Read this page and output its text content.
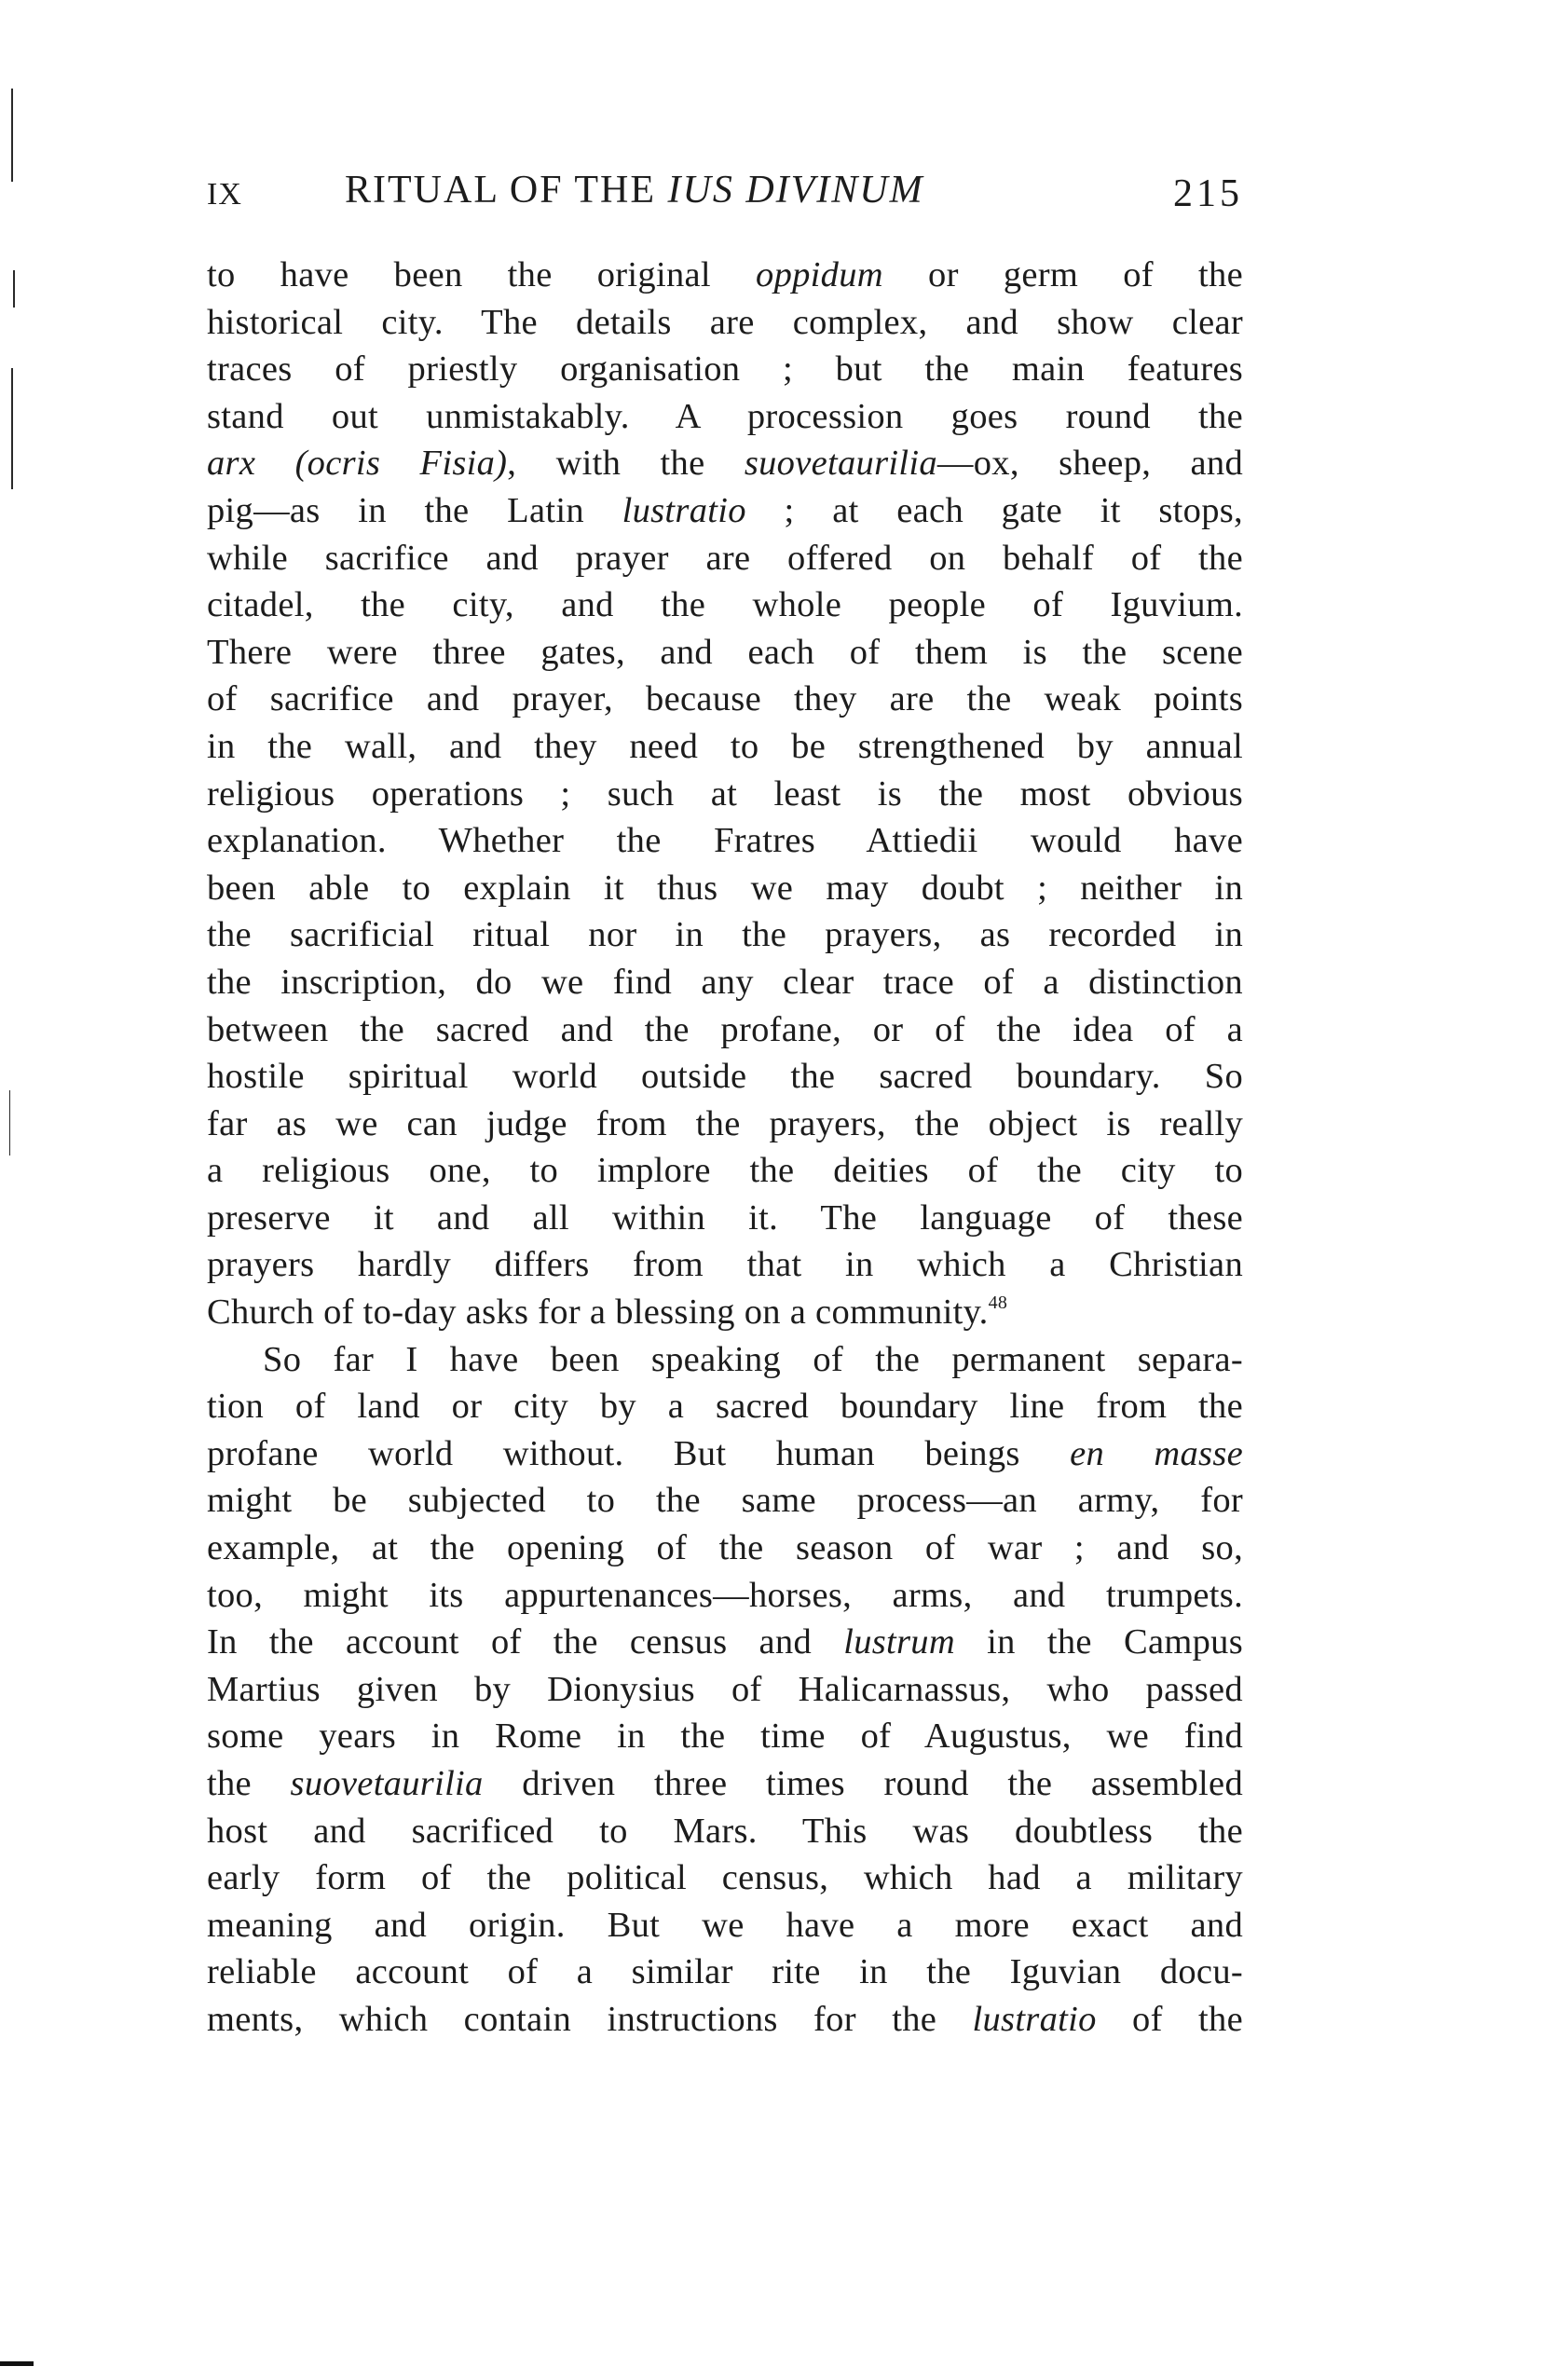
IX	RITUAL OF THE IUS DIVINUM	215
to have been the original oppidum or germ of the
historical city. The details are complex, and show clear
traces of priestly organisation ; but the main features
stand out unmistakably. A procession goes round the
arx (ocris Fisia), with the suovetaurilia—ox, sheep, and
pig—as in the Latin lustratio ; at each gate it stops,
while sacrifice and prayer are offered on behalf of the
citadel, the city, and the whole people of Iguvium.
There were three gates, and each of them is the scene
of sacrifice and prayer, because they are the weak points
in the wall, and they need to be strengthened by annual
religious operations ; such at least is the most obvious
explanation. Whether the Fratres Attiedii would have
been able to explain it thus we may doubt ; neither in
the sacrificial ritual nor in the prayers, as recorded in
the inscription, do we find any clear trace of a distinction
between the sacred and the profane, or of the idea of a
hostile spiritual world outside the sacred boundary. So
far as we can judge from the prayers, the object is really
a religious one, to implore the deities of the city to
preserve it and all within it. The language of these
prayers hardly differs from that in which a Christian
Church of to-day asks for a blessing on a community.$^{48}$
So far I have been speaking of the permanent separa-
tion of land or city by a sacred boundary line from the
profane world without. But human beings en masse
might be subjected to the same process—an army, for
example, at the opening of the season of war ; and so,
too, might its appurtenances—horses, arms, and trumpets.
In the account of the census and lustrum in the Campus
Martius given by Dionysius of Halicarnassus, who passed
some years in Rome in the time of Augustus, we find
the suovetaurilia driven three times round the assembled
host and sacrificed to Mars. This was doubtless the
early form of the political census, which had a military
meaning and origin. But we have a more exact and
reliable account of a similar rite in the Iguvian docu-
ments, which contain instructions for the lustratio of the
